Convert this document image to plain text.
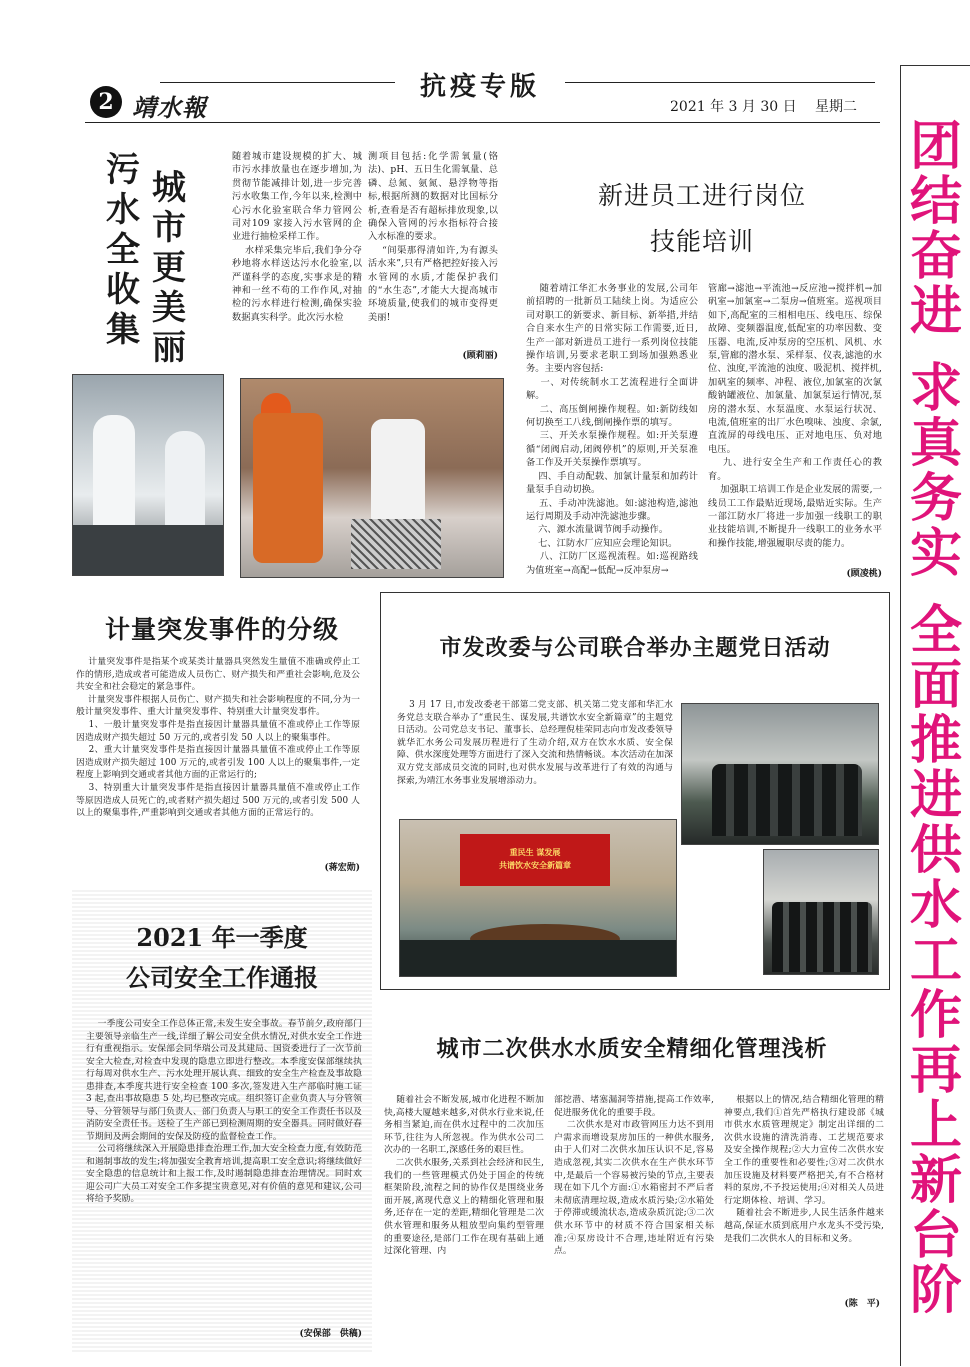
抗疫专版
2 靖水報	2021 年 3 月 30 日 星期二
团
结
奋
进

求
真
务
实

全
面
推
进
供
水
工
作
再
上
新
台
阶
城市更美丽
污水全收集
随着城市建设规模的扩大、城市污水排放量也在逐步增加,为贯彻节能减排计划,进一步完善污水收集工作,今年以来,检测中心污水化验室联合华力管网公司对109 家接入污水管网的企业进行抽检采样工作。
水样采集完毕后,我们争分夺秒地将水样送达污水化验室,以严谨科学的态度,实事求是的精神和一丝不苟的工作作风,对抽检的污水样进行检测,确保实验数据真实科学。此次污水检
测项目包括:化学需氧量(铬法)、pH、五日生化需氧量、总磷、总氮、氨氮、悬浮物等指标,根据所测的数据对比国标分析,查看是否有超标排放现象,以确保入管网的污水指标符合接入水标准的要求。
“间渠那得清如许,为有源头活水来”,只有严格把控好接入污水管网的水质,才能保护我们的“水生态”,才能大大提高城市环境质量,使我们的城市变得更美丽!
(顾莉丽)
新进员工进行岗位
技能培训
随着靖江华汇水务事业的发展,公司年前招聘的一批新员工陆续上岗。为适应公司对职工的新要求、新目标、新举措,并结合自来水生产的日常实际工作需要,近日,生产一部对新进员工进行一系列岗位技能操作培训,另要求老职工到场加强熟悉业务。主要内容包括:
一、对传统制水工艺流程进行全面讲解。
二、高压倒闸操作规程。如:新防线如何切换至工八线,倒闸操作票的填写。
三、开关水泵操作规程。如:开关泵遵循“闭阀启动,闭阀停机”的原则,开关泵准备工作及开关泵操作票填写。
四、手自动配载、加氯计量泵和加药计量泵手自动切换。
五、手动冲洗滤池。如:滤池构造,滤池运行周期及手动冲洗滤池步骤。
六、源水流量调节阀手动操作。
七、江防水厂应知应会理论知识。
八、江防厂区巡视流程。如:巡视路线为值班室→高配→低配→反冲泵房→
管廊→滤池→平流池→反应池→搅拌机→加矾室→加氯室→二泵房→值班室。巡视项目如下,高配室的三相相电压、线电压、综保故障、变频器温度,低配室的功率因数、变压器、电流,反冲泵房的空压机、风机、水泵,管廊的潜水泵、采样泵、仪表,滤池的水位、浊度,平流池的浊度、吸泥机、搅拌机,加矾室的频率、冲程、液位,加氯室的次氯酸钠罐液位、加氯量、加氯泵运行情况,泵房的潜水泵、水泵温度、水泵运行状况、电流,值班室的出厂水色嗅味、浊度、余氯,直流屏的母线电压、正对地电压、负对地电压。
九、进行安全生产和工作责任心的教育。
加强职工培训工作是企业发展的需要,一线员工工作最贴近现场,最贴近实际。生产一部江防水厂将进一步加强一线职工的职业技能培训,不断提升一线职工的业务水平和操作技能,增强履职尽责的能力。
(顾凌桃)
计量突发事件的分级
计量突发事件是指某个或某类计量器具突然发生量值不准确或停止工作的情形,造成或者可能造成人员伤亡、财产损失和严重社会影响,危及公共安全和社会稳定的紧急事件。
计量突发事件根据人员伤亡、财产损失和社会影响程度的不同,分为一般计量突发事件、重大计量突发事件、特别重大计量突发事件。
1、一般计量突发事件是指直接因计量器具量值不准或停止工作等原因造成财产损失超过 50 万元的,或者引发 50 人以上的聚集事件。
2、重大计量突发事件是指直接因计量器具量值不准或停止工作等原因造成财产损失超过 100 万元的,或者引发 100 人以上的聚集事件,一定程度上影响到交通或者其他方面的正常运行的;
3、特别重大计量突发事件是指直接因计量器具量值不准或停止工作等原因造成人员死亡的,或者财产损失超过 500 万元的,或者引发 500 人以上的聚集事件,严重影响到交通或者其他方面的正常运行的。
(蒋宏勋)
市发改委与公司联合举办主题党日活动
3 月 17 日,市发改委老干部第二党支部、机关第二党支部和华汇水务党总支联合举办了“重民生、谋发展,共谱饮水安全新篇章”的主题党日活动。公司党总支书记、董事长、总经理倪桂荣同志向市发改委领导就华汇水务公司发展历程进行了生动介绍,双方在饮水水质、安全保障、供水深度处理等方面进行了深入交流和热情畅谈。本次活动在加深双方党支部成员交流的同时,也对供水发展与改革进行了有效的沟通与探索,为靖江水务事业发展增添动力。
重民生 谋发展
共谱饮水安全新篇章
2021 年一季度
公司安全工作通报
一季度公司安全工作总体正常,未发生安全事故。春节前夕,政府部门主要领导亲临生产一线,详细了解公司安全供水情况,对供水安全工作进行有重视指示。安保部会同华瑞公司及其建局、国资委进行了一次节前安全大检查,对检查中发现的隐患立即进行整改。本季度安保部继续执行每周对供水生产、污水处理开展认真、细致的安全生产检查及事故隐患排查,本季度共进行安全检查 100 多次,签发进入生产部临时施工证 3 起,查出事故隐患 5 处,均已整改完成。组织签订企业负责人与分管领导、分管领导与部门负责人、部门负责人与职工的安全工作责任书以及消防安全责任书。送检了生产部已到检测周期的安全器具。同时做好春节期间及两会期间的安保及防疫的监督检查工作。
公司将继续深入开展隐患排查治理工作,加大安全检查力度,有效防范和遏制事故的发生;将加强安全教育培训,提高职工安全意识;将继续做好安全隐患的信息统计和上报工作,及时遏制隐患排查治理情况。同时欢迎公司广大员工对安全工作多提宝贵意见,对有价值的意见和建议,公司将给予奖励。
(安保部　供稿)
城市二次供水水质安全精细化管理浅析
随着社会不断发展,城市化进程不断加快,高楼大厦越来越多,对供水行业来说,任务相当紧迫,而在供水过程中的二次加压环节,往往为人所忽视。作为供水公司二次办的一名职工,深感任务的艰巨性。
二次供水服务,关系到社会经济和民生,我们的一些管理模式仍处于国企的传统框架阶段,流程之间的协作仅是围绕业务面开展,离现代意义上的精细化管理和服务,还存在一定的差距,精细化管理是二次供水管理和服务从粗放型向集约型管理的重要途径,是部门工作在现有基础上通过深化管理、内
部挖潜、堵塞漏洞等措施,提高工作效率,促进服务优化的重要手段。
二次供水是对市政管网压力达不到用户需求而增设泵房加压的一种供水服务,由于人们对二次供水加压认识不足,容易造成忽视,其实二次供水在生产供水环节中,是最后一个容易被污染的节点,主要表现在如下几个方面:①水箱密封不严后者未彻底清理垃圾,造成水质污染;②水箱处于停滞或缓流状态,造成杂质沉淀;③二次供水环节中的材质不符合国家相关标准;④泵房设计不合理,违址附近有污染点。
根据以上的情况,结合精细化管理的精神要点,我们①首先严格执行建设部《城市供水水质管理规定》制定出详细的二次供水设施的清洗消毒、工艺规范要求及安全操作规程;②大力宣传二次供水安全工作的重要性和必要性;③对二次供水加压设施及材料要严格把关,有不合格材料的泵房,不予投运使用;④对相关人员进行定期体检、培训、学习。
随着社会不断进步,人民生活条件越来越高,保证水质到底用户水龙头不受污染,是我们二次供水人的目标和义务。
(陈　平)
